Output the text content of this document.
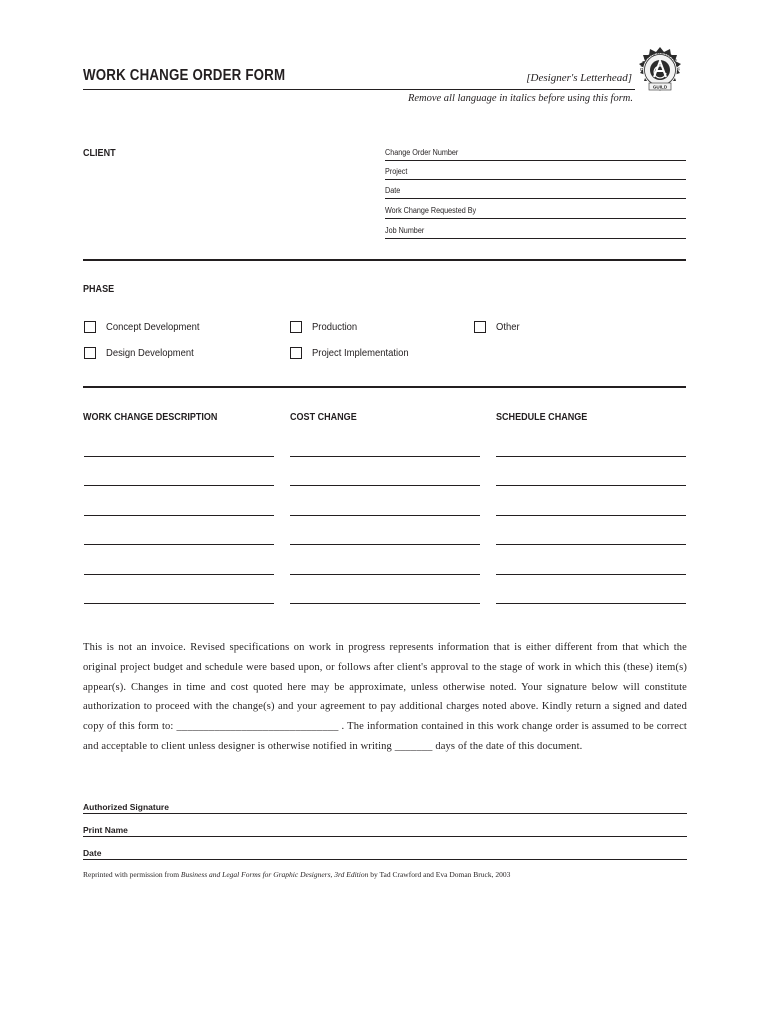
WORK CHANGE ORDER FORM	[Designer's Letterhead]
Remove all language in italics before using this form.
GRAPHIC ARTISTS GU
GUILD
CLIENT	Change Order Number
Project
Date
Work Change Requested By
Job Number
PHASE
Concept Development
Design Development
Production
Project Implementation
Other
WORK CHANGE DESCRIPTION	COST CHANGE	SCHEDULE CHANGE
This is not an invoice. Revised specifications on work in progress represents information that is either different from that which the original project budget and schedule were based upon, or follows after client's approval to the stage of work in which this (these) item(s) appear(s). Changes in time and cost quoted here may be approximate, unless otherwise noted. Your signature below will constitute authorization to proceed with the change(s) and your agreement to pay additional charges noted above. Kindly return a signed and dated copy of this form to: ______________________________ . The information contained in this work change order is assumed to be correct and acceptable to client unless designer is otherwise notified in writing _______ days of the date of this document.
Authorized Signature
Print Name
Date
Reprinted with permission from Business and Legal Forms for Graphic Designers, 3rd Edition by Tad Crawford and Eva Doman Bruck, 2003
